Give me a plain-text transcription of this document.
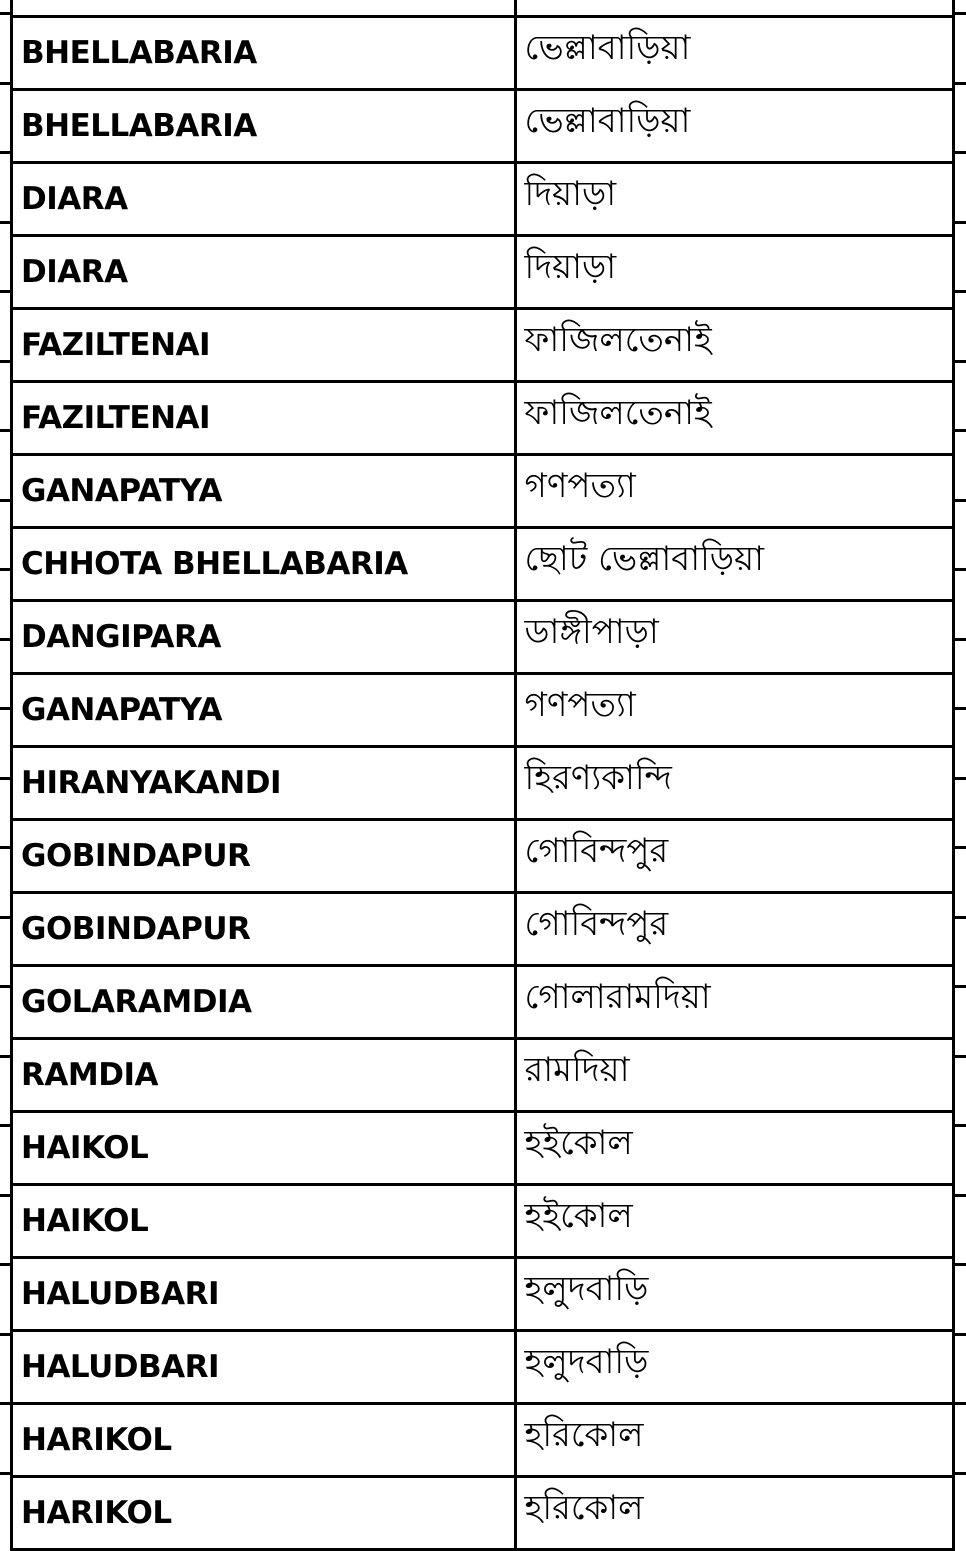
BHELLABARIA	ভেল্লাবাড়িয়া
BHELLABARIA	ভেল্লাবাড়িয়া
DIARA	দিয়াড়া
DIARA	দিয়াড়া
FAZILTENAI	ফাজিলতেনাই
FAZILTENAI	ফাজিলতেনাই
GANAPATYA	গণপত্যা
CHHOTA BHELLABARIA	ছোট ভেল্লাবাড়িয়া
DANGIPARA	ডাঙ্গীপাড়া
GANAPATYA	গণপত্যা
HIRANYAKANDI	হিরণ্যকান্দি
GOBINDAPUR	গোবিন্দপুর
GOBINDAPUR	গোবিন্দপুর
GOLARAMDIA	গোলারামদিয়া
RAMDIA	রামদিয়া
HAIKOL	হইকোল
HAIKOL	হইকোল
HALUDBARI	হলুদবাড়ি
HALUDBARI	হলুদবাড়ি
HARIKOL	হরিকোল
HARIKOL	হরিকোল
